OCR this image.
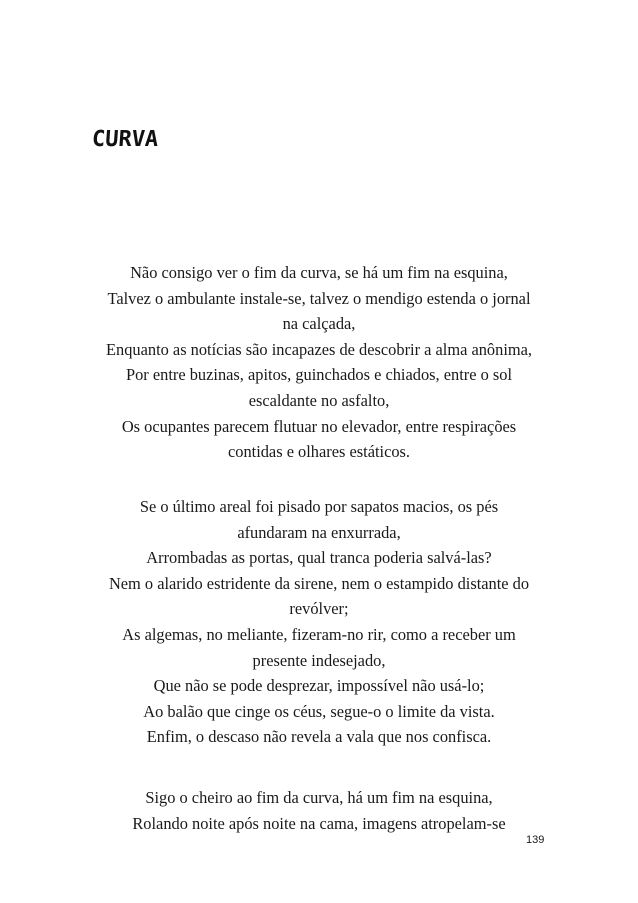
CURVA
Não consigo ver o fim da curva, se há um fim na esquina,
Talvez o ambulante instale-se, talvez o mendigo estenda o jornal
na calçada,
Enquanto as notícias são incapazes de descobrir a alma anônima,
Por entre buzinas, apitos, guinchados e chiados, entre o sol
escaldante no asfalto,
Os ocupantes parecem flutuar no elevador, entre respirações
contidas e olhares estáticos.
Se o último areal foi pisado por sapatos macios, os pés
afundaram na enxurrada,
Arrombadas as portas, qual tranca poderia salvá-las?
Nem o alarido estridente da sirene, nem o estampido distante do
revólver;
As algemas, no meliante, fizeram-no rir, como a receber um
presente indesejado,
Que não se pode desprezar, impossível não usá-lo;
Ao balão que cinge os céus, segue-o o limite da vista.
Enfim, o descaso não revela a vala que nos confisca.
Sigo o cheiro ao fim da curva, há um fim na esquina,
Rolando noite após noite na cama, imagens atropelam-se
139
